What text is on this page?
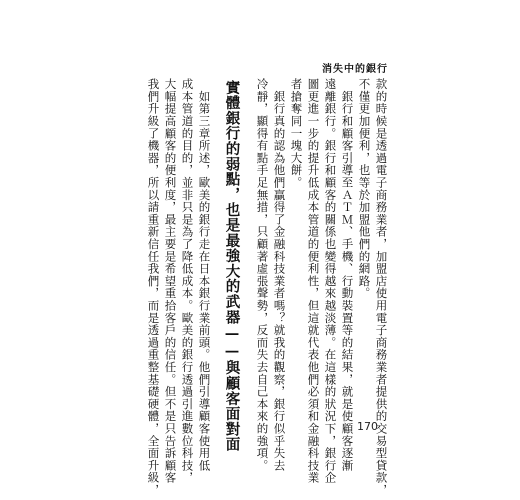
消失中的銀行
款的時候是透過電子商務業者，加盟店使用電子商務業者提供的交易型貸款，
不僅更加便利，也等於加盟他們的網路。
　銀行和顧客引導至ＡＴＭ、手機、行動裝置等的結果，就是使顧客逐漸
遠離銀行。銀行和顧客的關係也變得越來越淡薄。在這樣的狀況下，銀行企
圖更進一步的提升低成本管道的便利性，但這就代表他們必須和金融科技業
者搶奪同一塊大餅。
　銀行真的認為他們贏得了金融科技業者嗎？就我的觀察，銀行似乎失去
冷靜，顯得有點手足無措，只顧著虛張聲勢，反而失去自己本來的強項。
實體銀行的弱點，也是最強大的武器——與顧客面對面
　如第三章所述，歐美的銀行走在日本銀行業前頭。他們引導顧客使用低
成本管道的目的，並非只是為了降低成本。歐美的銀行透過引進數位科技，
大幅提高顧客的便利度，最主要是希望重拾客戶的信任。但不是只告訴顧客
我們升級了機器，所以請重新信任我們，而是透過重整基礎硬體，全面升級，	170
